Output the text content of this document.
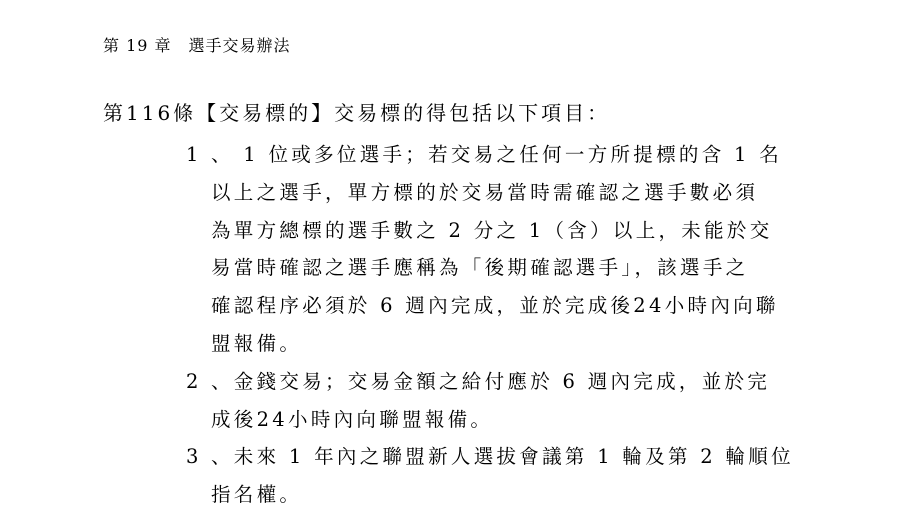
第 19 章　選手交易辦法
第116條【交易標的】交易標的得包括以下項目：
1 、 1 位或多位選手；若交易之任何一方所提標的含 1 名
以上之選手，單方標的於交易當時需確認之選手數必須
為單方總標的選手數之 2 分之 1（含）以上，未能於交
易當時確認之選手應稱為「後期確認選手」，該選手之
確認程序必須於 6 週內完成，並於完成後24小時內向聯
盟報備。
2 、金錢交易；交易金額之給付應於 6 週內完成，並於完
成後24小時內向聯盟報備。
3 、未來 1 年內之聯盟新人選拔會議第 1 輪及第 2 輪順位
指名權。
